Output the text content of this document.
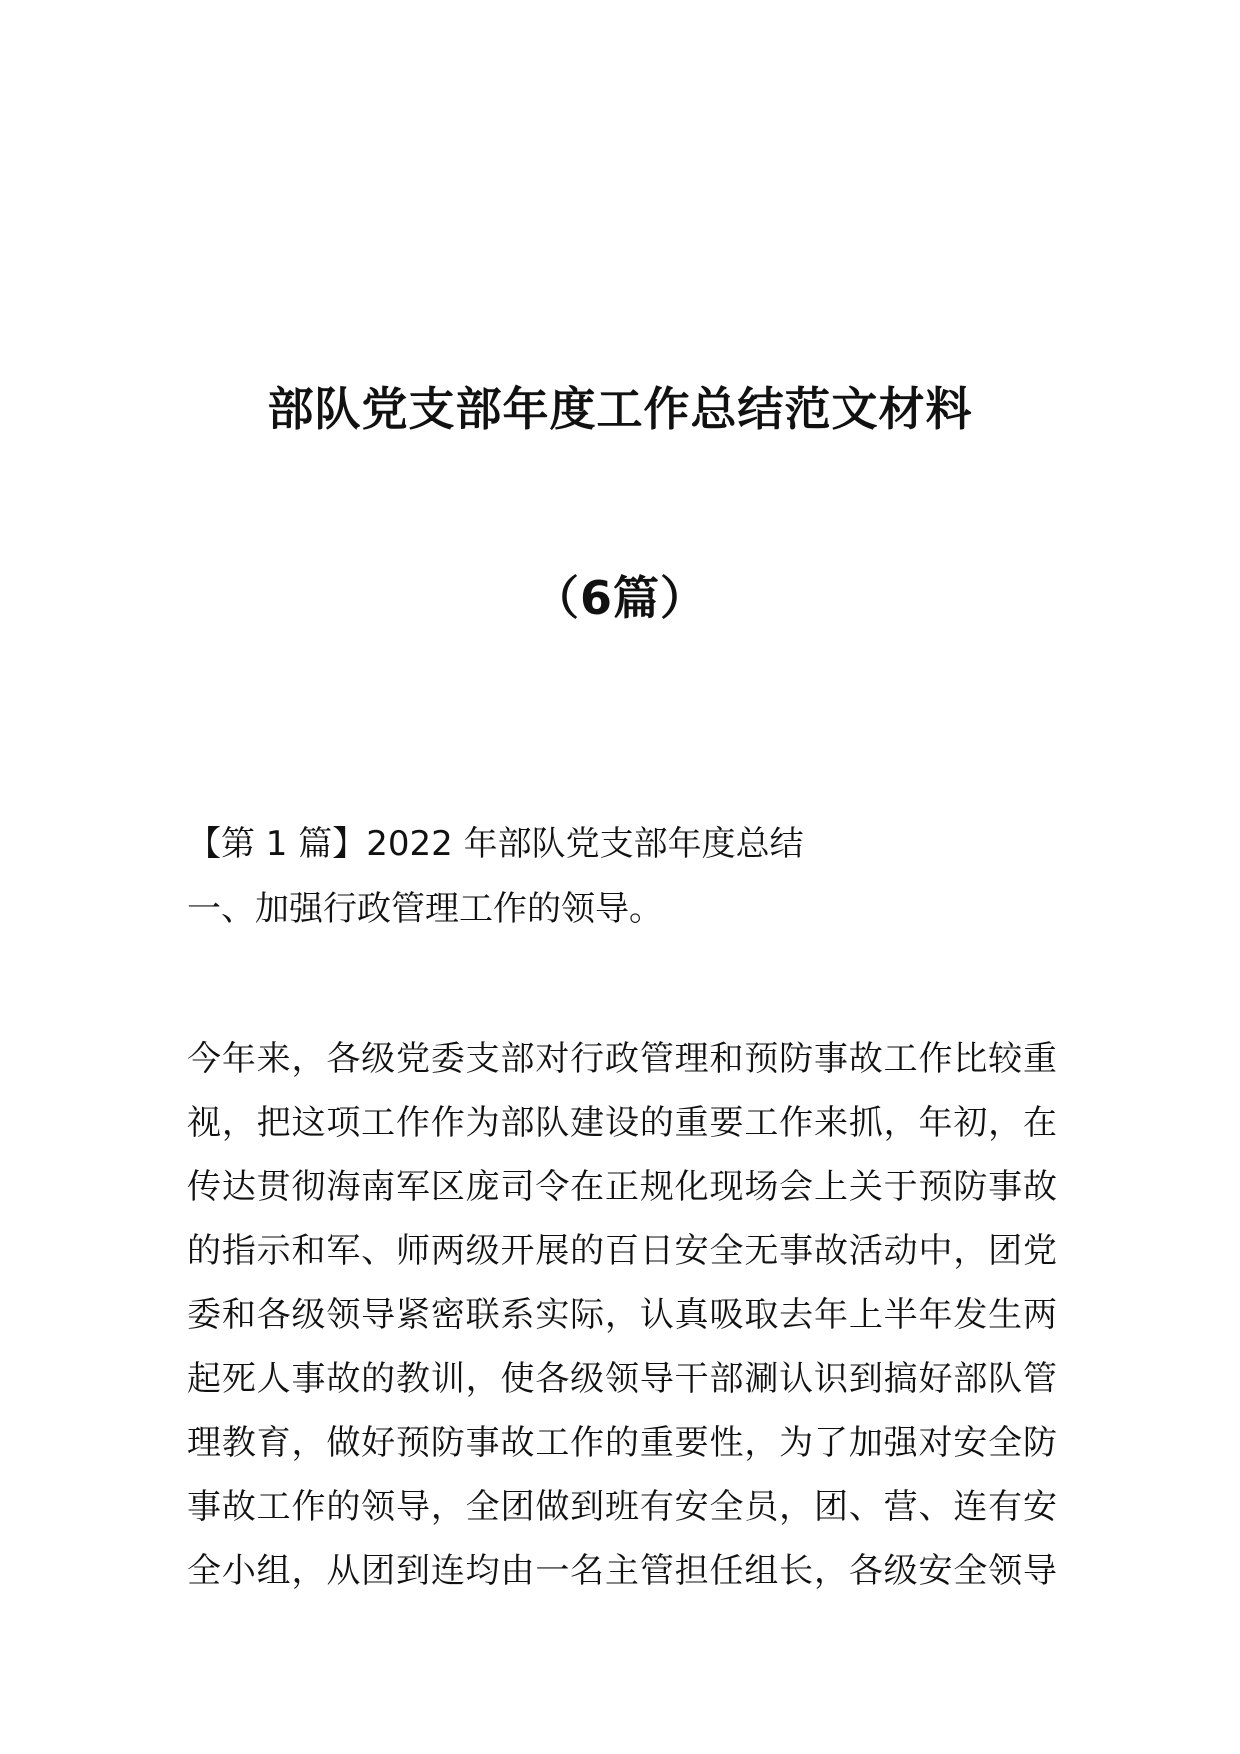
部队党支部年度工作总结范文材料
（6篇）
【第 1 篇】2022 年部队党支部年度总结
一、加强行政管理工作的领导。
今年来，各级党委支部对行政管理和预防事故工作比较重
视，把这项工作作为部队建设的重要工作来抓，年初，在
传达贯彻海南军区庞司令在正规化现场会上关于预防事故
的指示和军、师两级开展的百日安全无事故活动中，团党
委和各级领导紧密联系实际，认真吸取去年上半年发生两
起死人事故的教训，使各级领导干部涮认识到搞好部队管
理教育，做好预防事故工作的重要性，为了加强对安全防
事故工作的领导，全团做到班有安全员，团、营、连有安
全小组，从团到连均由一名主管担任组长，各级安全领导
